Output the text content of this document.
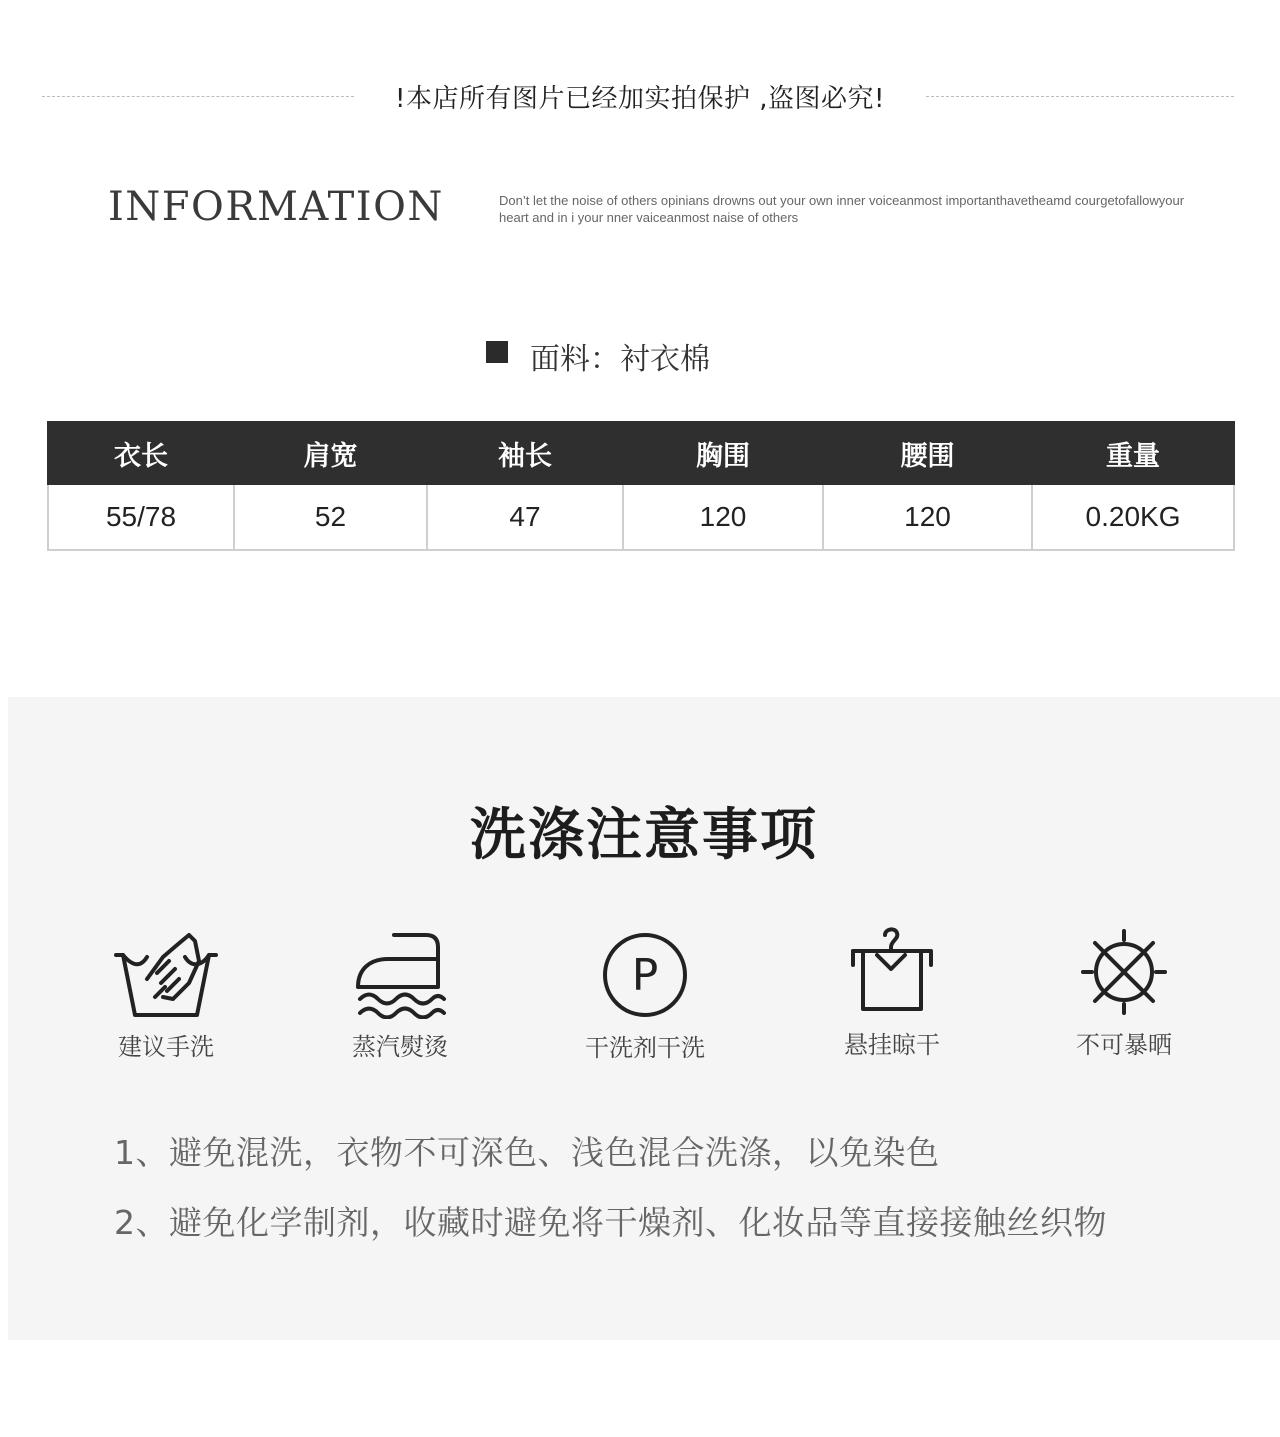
!本店所有图片已经加实拍保护 ,盗图必究!
INFORMATION	Don’t let the noise of others opinians drowns out your own inner voiceanmost importanthavetheamd courgetofallowyour heart and in i your nner vaiceanmost naise of others
面料：衬衣棉
衣长	肩宽	袖长	胸围	腰围	重量
55/78	52	47	120	120	0.20KG
洗涤注意事项
建议手洗	蒸汽熨烫
P
干洗剂干洗	悬挂晾干	不可暴晒
1、避免混洗，衣物不可深色、浅色混合洗涤，以免染色
2、避免化学制剂，收藏时避免将干燥剂、化妆品等直接接触丝织物
